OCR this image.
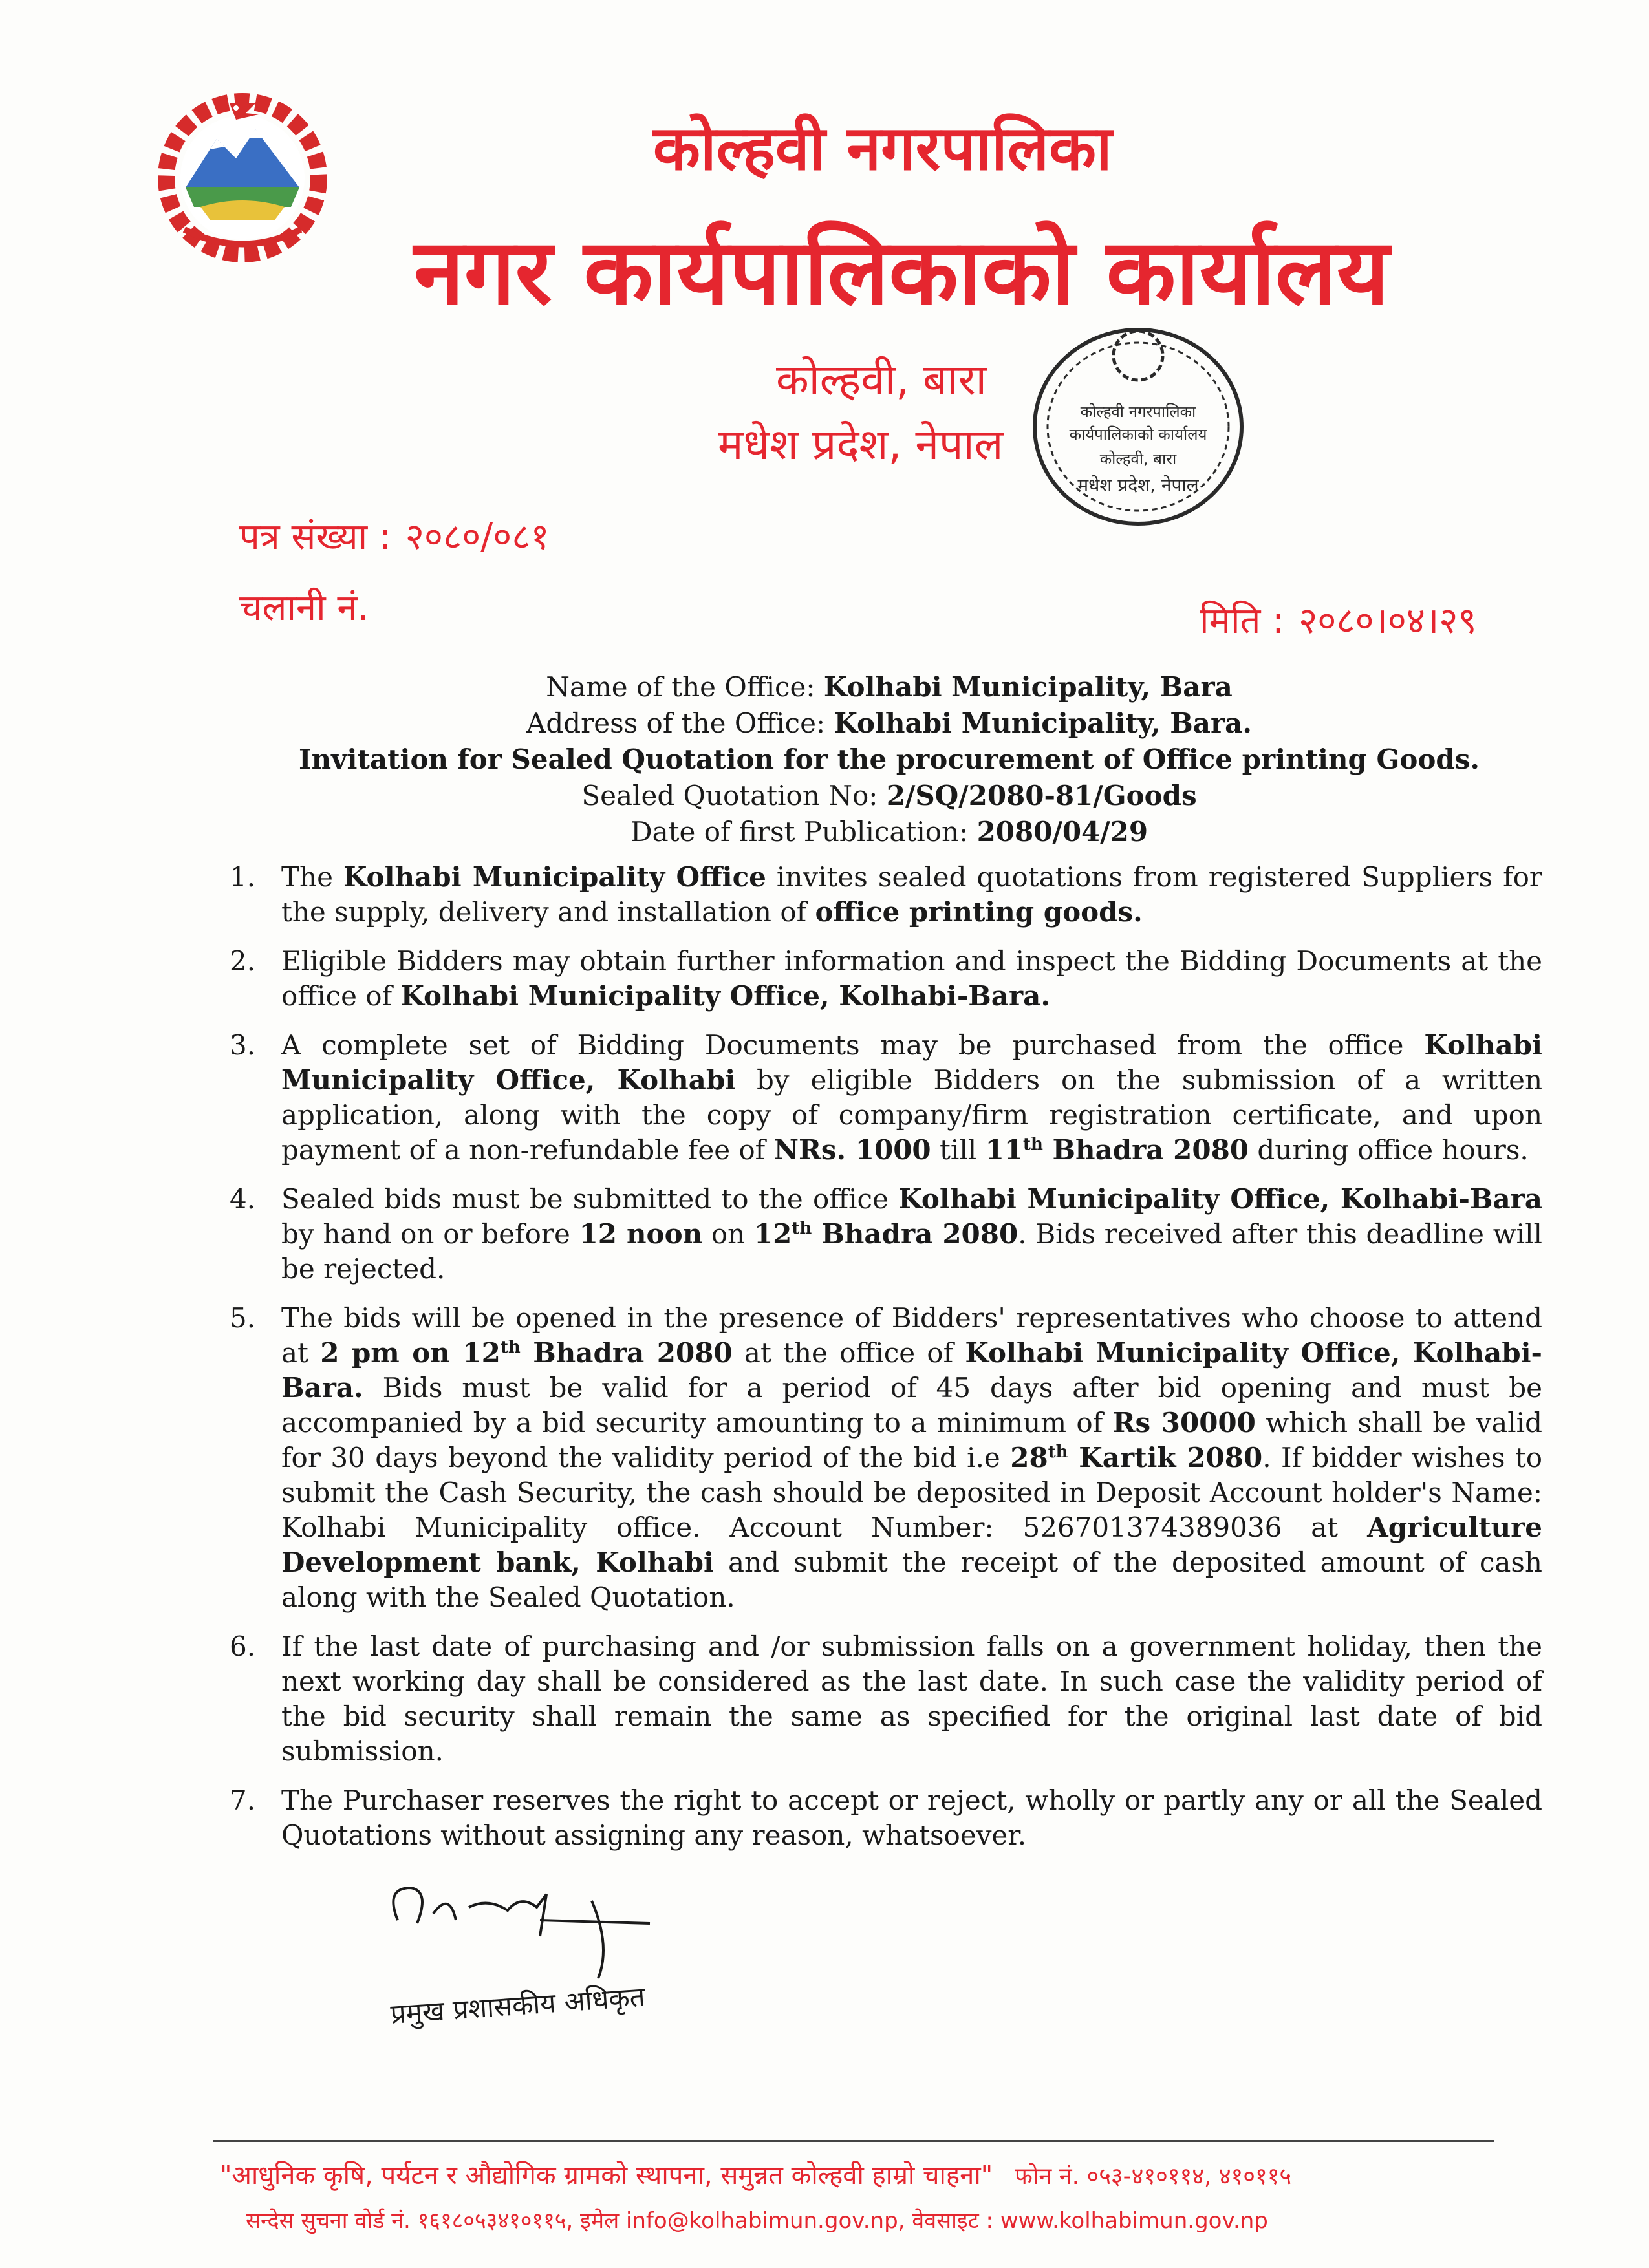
कोल्हवी नगरपालिका
नगर कार्यपालिकाको कार्यालय
कोल्हवी, बारा
मधेश प्रदेश, नेपाल
कोल्हवी नगरपालिका
कार्यपालिकाको कार्यालय
कोल्हवी, बारा
मधेश प्रदेश, नेपाल
पत्र संख्या : २०८०/०८१
चलानी नं.	मिति : २०८०।०४।२९
Name of the Office: Kolhabi Municipality, Bara
Address of the Office: Kolhabi Municipality, Bara.
Invitation for Sealed Quotation for the procurement of Office printing Goods.
Sealed Quotation No: 2/SQ/2080-81/Goods
Date of first Publication: 2080/04/29
1. The Kolhabi Municipality Office invites sealed quotations from registered Suppliers for the supply, delivery and installation of office printing goods.
2. Eligible Bidders may obtain further information and inspect the Bidding Documents at the office of Kolhabi Municipality Office, Kolhabi-Bara.
3. A complete set of Bidding Documents may be purchased from the office Kolhabi Municipality Office, Kolhabi by eligible Bidders on the submission of a written application, along with the copy of company/firm registration certificate, and upon payment of a non-refundable fee of NRs. 1000 till 11th Bhadra 2080 during office hours.
4. Sealed bids must be submitted to the office Kolhabi Municipality Office, Kolhabi-Bara by hand on or before 12 noon on 12th Bhadra 2080. Bids received after this deadline will be rejected.
5. The bids will be opened in the presence of Bidders' representatives who choose to attend at 2 pm on 12th Bhadra 2080 at the office of Kolhabi Municipality Office, Kolhabi-Bara. Bids must be valid for a period of 45 days after bid opening and must be accompanied by a bid security amounting to a minimum of Rs 30000 which shall be valid for 30 days beyond the validity period of the bid i.e 28th Kartik 2080. If bidder wishes to submit the Cash Security, the cash should be deposited in Deposit Account holder's Name: Kolhabi Municipality office. Account Number: 526701374389036 at Agriculture Development bank, Kolhabi and submit the receipt of the deposited amount of cash along with the Sealed Quotation.
6. If the last date of purchasing and /or submission falls on a government holiday, then the next working day shall be considered as the last date. In such case the validity period of the bid security shall remain the same as specified for the original last date of bid submission.
7. The Purchaser reserves the right to accept or reject, wholly or partly any or all the Sealed Quotations without assigning any reason, whatsoever.
प्रमुख प्रशासकीय अधिकृत
"आधुनिक कृषि, पर्यटन र औद्योगिक ग्रामको स्थापना, समुन्नत कोल्हवी हाम्रो चाहना" फोन नं. ०५३-४१०११४, ४१०११५
सन्देस सुचना वोर्ड नं. १६१८०५३४१०११५, इमेल info@kolhabimun.gov.np, वेवसाइट : www.kolhabimun.gov.np
